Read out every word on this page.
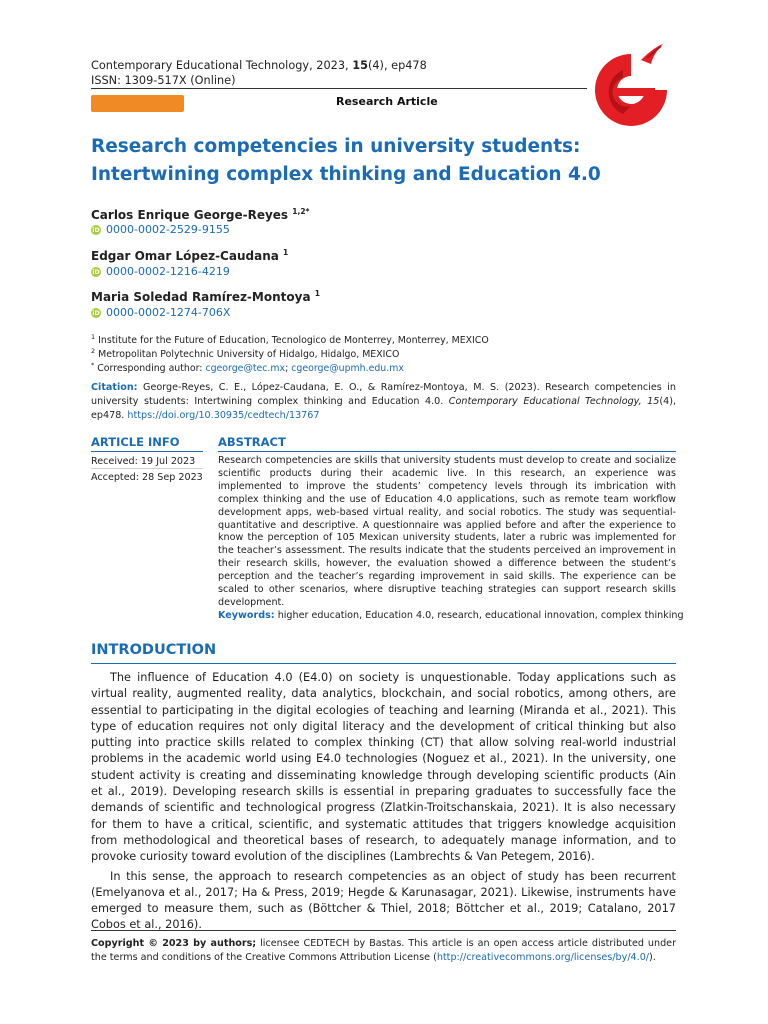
Contemporary Educational Technology, 2023, 15(4), ep478
ISSN: 1309-517X (Online)
Research Article
Research competencies in university students: Intertwining complex thinking and Education 4.0
Carlos Enrique George-Reyes $^{1,2*}$
iD 0000-0002-2529-9155
Edgar Omar López-Caudana $^1$
iD 0000-0002-1216-4219
Maria Soledad Ramírez-Montoya $^1$
iD 0000-0002-1274-706X
$^1$ Institute for the Future of Education, Tecnologico de Monterrey, Monterrey, MEXICO
$^2$ Metropolitan Polytechnic University of Hidalgo, Hidalgo, MEXICO
* Corresponding author: cgeorge@tec.mx; cgeorge@upmh.edu.mx
Citation: George-Reyes, C. E., López-Caudana, E. O., & Ramírez-Montoya, M. S. (2023). Research competencies in university students: Intertwining complex thinking and Education 4.0. Contemporary Educational Technology, 15(4), ep478. https://doi.org/10.30935/cedtech/13767
ARTICLE INFO
Received: 19 Jul 2023
Accepted: 28 Sep 2023
ABSTRACT
Research competencies are skills that university students must develop to create and socialize scientific products during their academic live. In this research, an experience was implemented to improve the students’ competency levels through its imbrication with complex thinking and the use of Education 4.0 applications, such as remote team workflow development apps, web-based virtual reality, and social robotics. The study was sequential-quantitative and descriptive. A questionnaire was applied before and after the experience to know the perception of 105 Mexican university students, later a rubric was implemented for the teacher’s assessment. The results indicate that the students perceived an improvement in their research skills, however, the evaluation showed a difference between the student’s perception and the teacher’s regarding improvement in said skills. The experience can be scaled to other scenarios, where disruptive teaching strategies can support research skills development.
Keywords: higher education, Education 4.0, research, educational innovation, complex thinking
INTRODUCTION

The influence of Education 4.0 (E4.0) on society is unquestionable. Today applications such as virtual reality, augmented reality, data analytics, blockchain, and social robotics, among others, are essential to participating in the digital ecologies of teaching and learning (Miranda et al., 2021). This type of education requires not only digital literacy and the development of critical thinking but also putting into practice skills related to complex thinking (CT) that allow solving real-world industrial problems in the academic world using E4.0 technologies (Noguez et al., 2021). In the university, one student activity is creating and disseminating knowledge through developing scientific products (Ain et al., 2019). Developing research skills is essential in preparing graduates to successfully face the demands of scientific and technological progress (Zlatkin-Troitschanskaia, 2021). It is also necessary for them to have a critical, scientific, and systematic attitudes that triggers knowledge acquisition from methodological and theoretical bases of research, to adequately manage information, and to provoke curiosity toward evolution of the disciplines (Lambrechts & Van Petegem, 2016).

In this sense, the approach to research competencies as an object of study has been recurrent (Emelyanova et al., 2017; Ha & Press, 2019; Hegde & Karunasagar, 2021). Likewise, instruments have emerged to measure them, such as (Böttcher & Thiel, 2018; Böttcher et al., 2019; Catalano, 2017 Cobos et al., 2016).

Copyright © 2023 by authors; licensee CEDTECH by Bastas. This article is an open access article distributed under the terms and conditions of the Creative Commons Attribution License (http://creativecommons.org/licenses/by/4.0/).
